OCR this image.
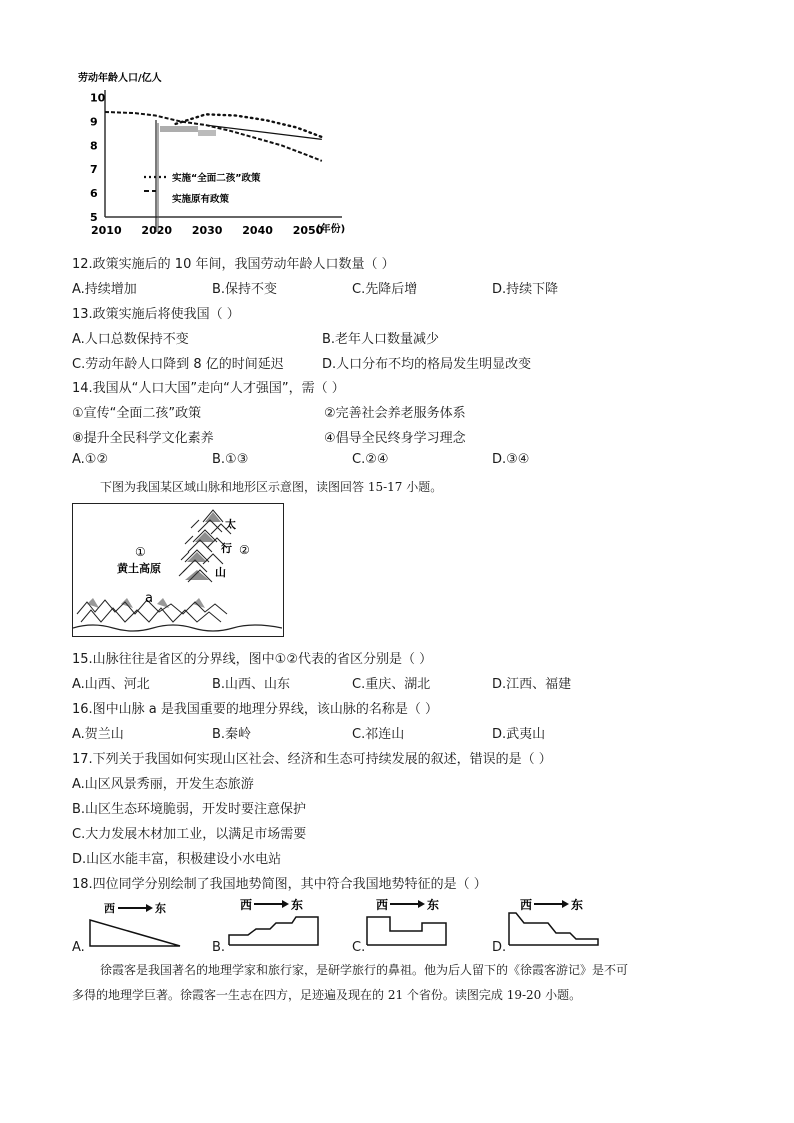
劳动年龄人口/亿人
5
6
7
8
9
10
2010 2020 2030 2040 2050
实施“全面二孩”政策
实施原有政策
(年份)
12.政策实施后的 10 年间，我国劳动年龄人口数量（ ）
A.持续增加	B.保持不变	C.先降后增	D.持续下降
13.政策实施后将使我国（ ）
A.人口总数保持不变	B.老年人口数量减少
C.劳动年龄人口降到 8 亿的时间延迟	D.人口分布不均的格局发生明显改变
14.我国从“人口大国”走向“人才强国”，需（ ）
①宣传“全面二孩”政策	②完善社会养老服务体系
⑧提升全民科学文化素养	④倡导全民终身学习理念
A.①②	B.①③	C.②④	D.③④
下图为我国某区域山脉和地形区示意图，读图回答 15-17 小题。
①
黄土高原
②
太
行
山
a
15.山脉往往是省区的分界线，图中①②代表的省区分别是（ ）
A.山西、河北	B.山西、山东	C.重庆、湖北	D.江西、福建
16.图中山脉 a 是我国重要的地理分界线，该山脉的名称是（ ）
A.贺兰山	B.秦岭	C.祁连山	D.武夷山
17.下列关于我国如何实现山区社会、经济和生态可持续发展的叙述，错误的是（ ）
A.山区风景秀丽，开发生态旅游
B.山区生态环境脆弱，开发时要注意保护
C.大力发展木材加工业，以满足市场需要
D.山区水能丰富，积极建设小水电站
18.四位同学分别绘制了我国地势简图，其中符合我国地势特征的是（ ）
A.
西	东
B.
西	东
C.
西	东
D.
西	东
徐霞客是我国著名的地理学家和旅行家，是研学旅行的鼻祖。他为后人留下的《徐霞客游记》是不可
多得的地理学巨著。徐霞客一生志在四方，足迹遍及现在的 21 个省份。读图完成 19-20 小题。
